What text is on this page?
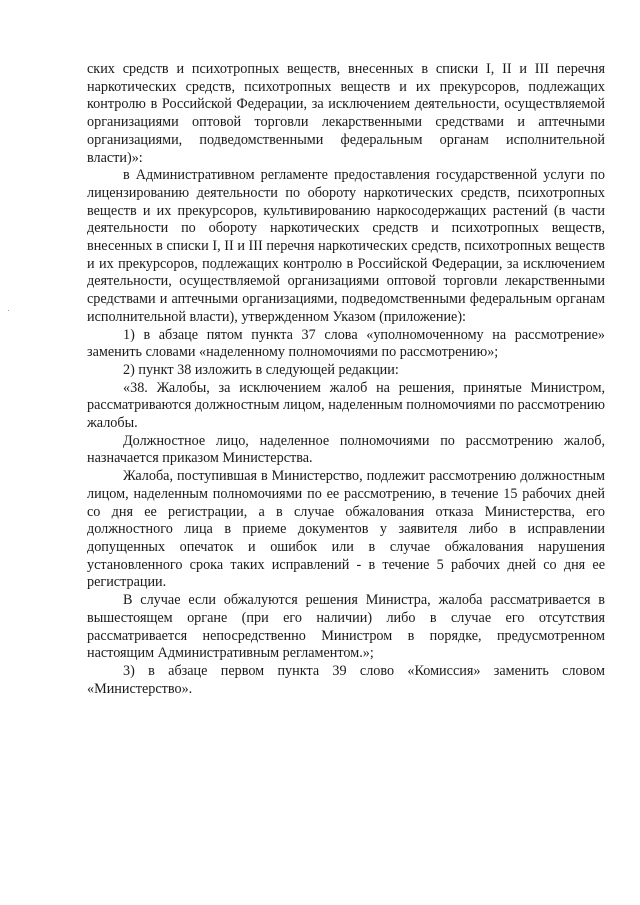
ских средств и психотропных веществ, внесенных в списки I, II и III перечня наркотических средств, психотропных веществ и их прекурсоров, подлежащих контролю в Российской Федерации, за исключением деятельности, осуществляемой организациями оптовой торговли лекарственными средствами и аптечными организациями, подведомственными федеральным органам исполнительной власти)»:

в Административном регламенте предоставления государственной услуги по лицензированию деятельности по обороту наркотических средств, психотропных веществ и их прекурсоров, культивированию наркосодержащих растений (в части деятельности по обороту наркотических средств и психотропных веществ, внесенных в списки I, II и III перечня наркотических средств, психотропных веществ и их прекурсоров, подлежащих контролю в Российской Федерации, за исключением деятельности, осуществляемой организациями оптовой торговли лекарственными средствами и аптечными организациями, подведомственными федеральным органам исполнительной власти), утвержденном Указом (приложение):

1) в абзаце пятом пункта 37 слова «уполномоченному на рассмотрение» заменить словами «наделенному полномочиями по рассмотрению»;

2) пункт 38 изложить в следующей редакции:

«38. Жалобы, за исключением жалоб на решения, принятые Министром, рассматриваются должностным лицом, наделенным полномочиями по рассмотрению жалобы.

Должностное лицо, наделенное полномочиями по рассмотрению жалоб, назначается приказом Министерства.

Жалоба, поступившая в Министерство, подлежит рассмотрению должностным лицом, наделенным полномочиями по ее рассмотрению, в течение 15 рабочих дней со дня ее регистрации, а в случае обжалования отказа Министерства, его должностного лица в приеме документов у заявителя либо в исправлении допущенных опечаток и ошибок или в случае обжалования нарушения установленного срока таких исправлений - в течение 5 рабочих дней со дня ее регистрации.

В случае если обжалуются решения Министра, жалоба рассматривается в вышестоящем органе (при его наличии) либо в случае его отсутствия рассматривается непосредственно Министром в порядке, предусмотренном настоящим Административным регламентом.»;

3) в абзаце первом пункта 39 слово «Комиссия» заменить словом «Министерство».
